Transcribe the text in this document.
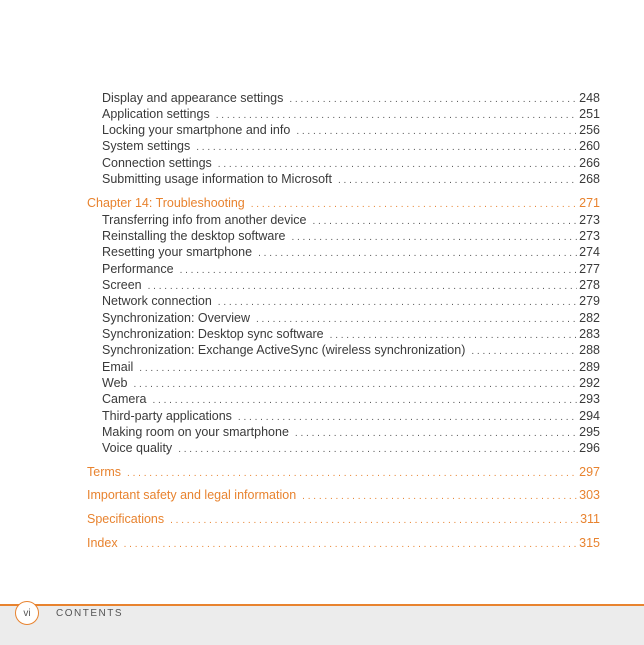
Display and appearance settings . . .	248
Application settings . . .	251
Locking your smartphone and info . . .	256
System settings . . .	260
Connection settings . . .	266
Submitting usage information to Microsoft . . .	268
Chapter 14: Troubleshooting . . .	271
Transferring info from another device . . .	273
Reinstalling the desktop software . . .	273
Resetting your smartphone . . .	274
Performance . . .	277
Screen . . .	278
Network connection . . .	279
Synchronization: Overview . . .	282
Synchronization: Desktop sync software . . .	283
Synchronization: Exchange ActiveSync (wireless synchronization) . . .	288
Email . . .	289
Web . . .	292
Camera . . .	293
Third-party applications . . .	294
Making room on your smartphone . . .	295
Voice quality . . .	296
Terms . . .	297
Important safety and legal information . . .	303
Specifications . . .	311
Index . . .	315
vi	CONTENTS
